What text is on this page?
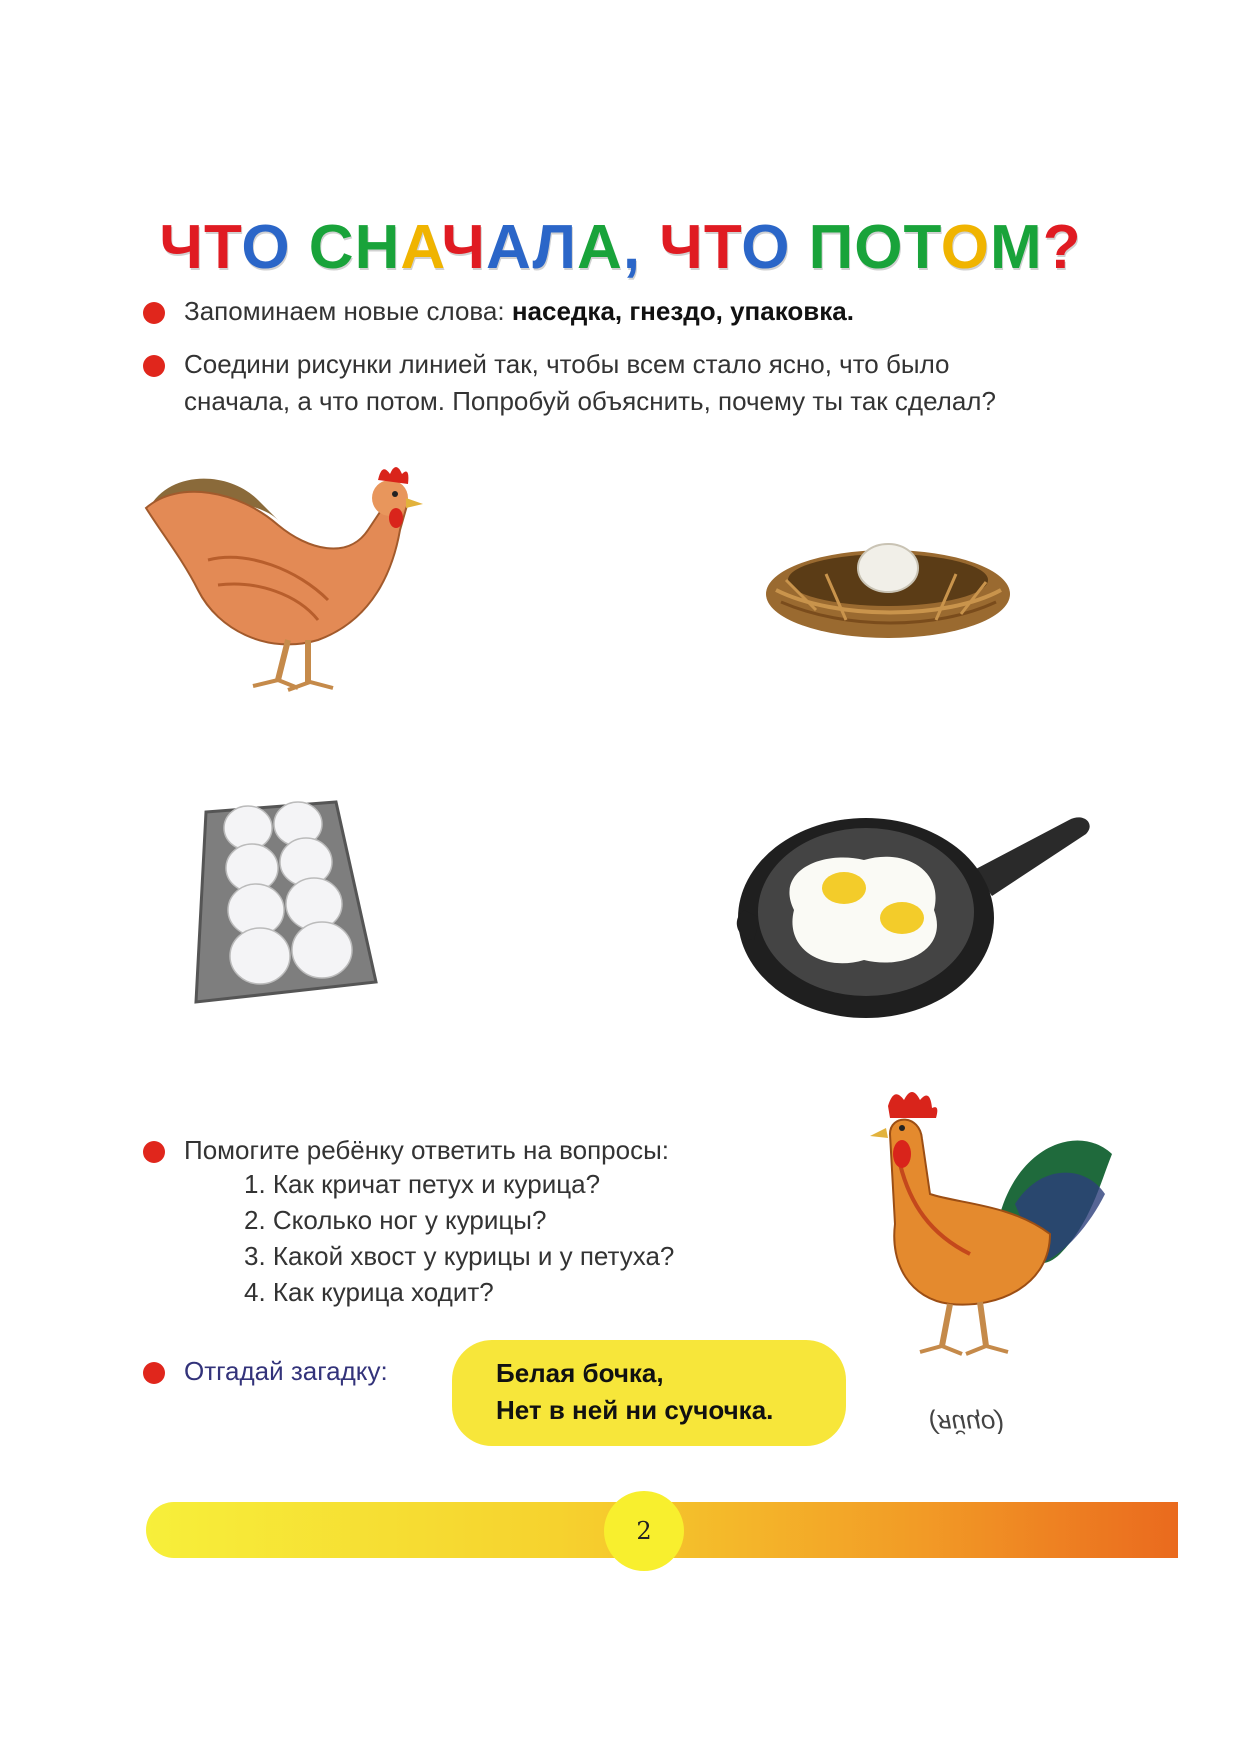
ЧТО СНАЧАЛА, ЧТО ПОТОМ?
Запоминаем новые слова: наседка, гнездо, упаковка.
Соедини рисунки линией так, чтобы всем стало ясно, что было
сначала, а что потом. Попробуй объяснить, почему ты так сделал?
Помогите ребёнку ответить на вопросы:
1. Как кричат петух и курица?
2. Сколько ног у курицы?
3. Какой хвост у курицы и у петуха?
4. Как курица ходит?
Отгадай загадку:	Белая бочка,
Нет в ней ни сучочка.	(яйцо)
2
